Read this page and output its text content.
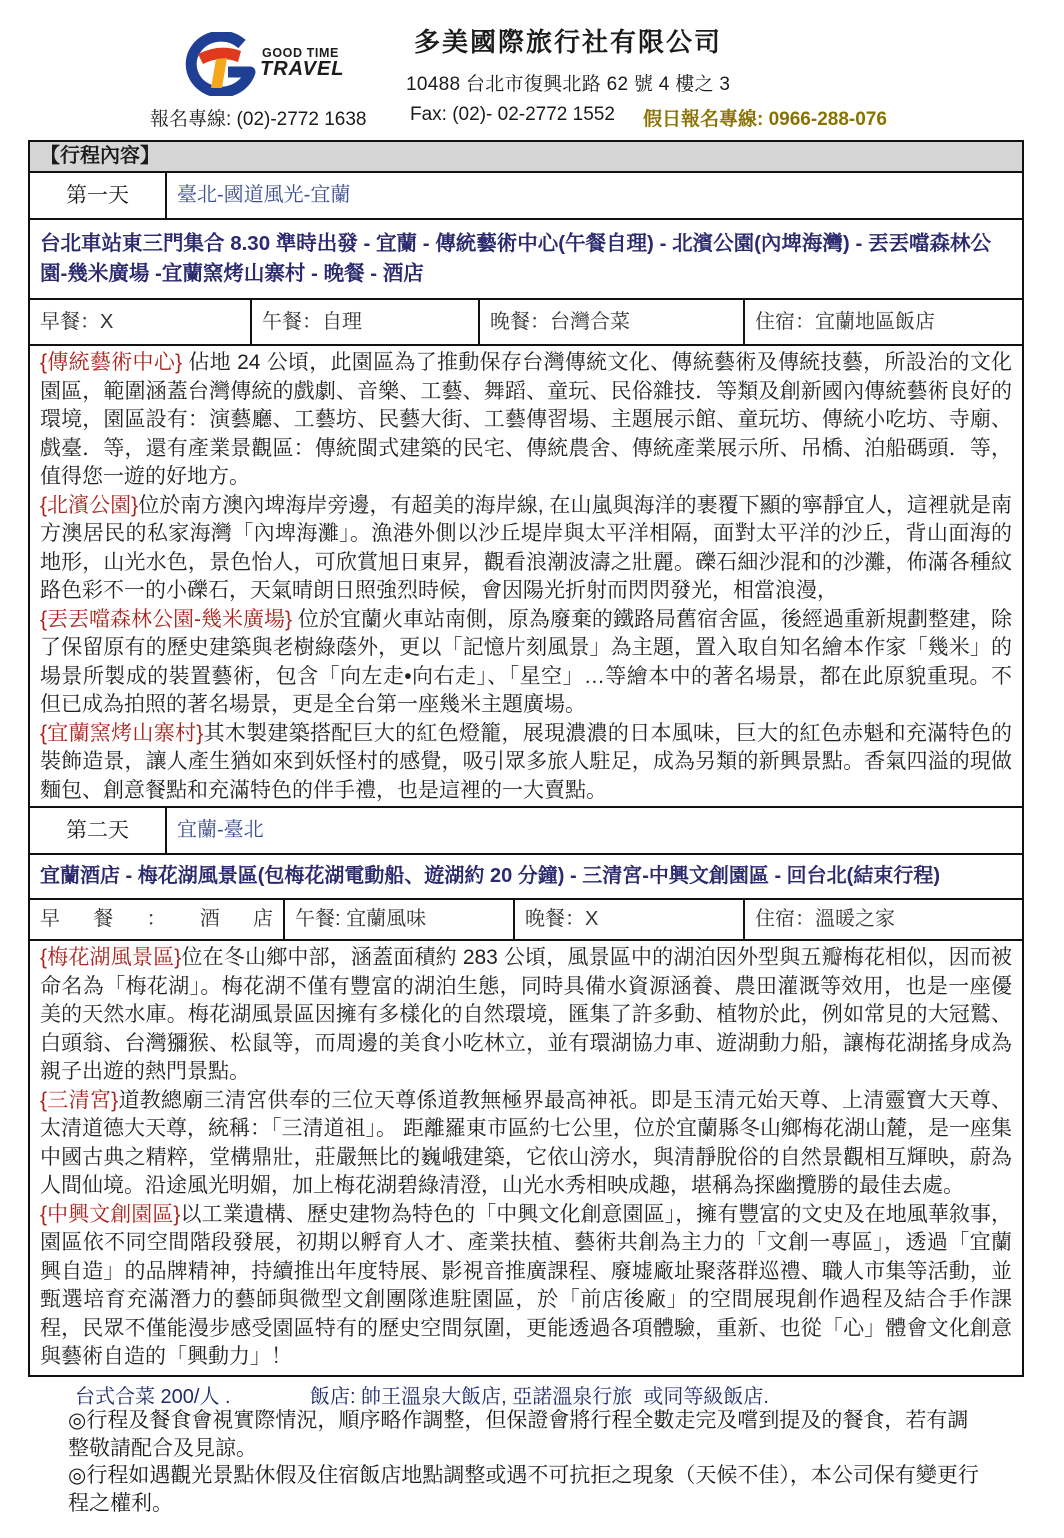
GOOD TIME
TRAVEL
多美國際旅行社有限公司
10488 台北市復興北路 62 號 4 樓之 3
報名專線: (02)-2772 1638 Fax: (02)- 02-2772 1552 假日報名專線: 0966-288-076
【行程內容】
第一天	臺北-國道風光-宜蘭
台北車站東三門集合 8.30 準時出發 - 宜蘭 - 傳統藝術中心(午餐自理) - 北濱公園(內埤海灣) - 丟丟噹森林公園-幾米廣場 -宜蘭窯烤山寨村 - 晚餐 - 酒店
早餐：X	午餐：自理	晚餐：台灣合菜	住宿：宜蘭地區飯店

{傳統藝術中心} 佔地 24 公頃，此園區為了推動保存台灣傳統文化、傳統藝術及傳統技藝，所設治的文化園區，範圍涵蓋台灣傳統的戲劇、音樂、工藝、舞蹈、童玩、民俗雜技．等類及創新國內傳統藝術良好的環境，園區設有：演藝廳、工藝坊、民藝大街、工藝傳習場、主題展示館、童玩坊、傳統小吃坊、寺廟、戲臺．等，還有產業景觀區：傳統閩式建築的民宅、傳統農舍、傳統產業展示所、吊橋、泊船碼頭．等，值得您一遊的好地方。

{北濱公園}位於南方澳內埤海岸旁邊，有超美的海岸線, 在山嵐與海洋的裹覆下顯的寧靜宜人，這裡就是南方澳居民的私家海灣「內埤海灘」。漁港外側以沙丘堤岸與太平洋相隔，面對太平洋的沙丘，背山面海的地形，山光水色，景色怡人，可欣賞旭日東昇，觀看浪潮波濤之壯麗。礫石細沙混和的沙灘，佈滿各種紋路色彩不一的小礫石，天氣晴朗日照強烈時候，會因陽光折射而閃閃發光，相當浪漫，

{丟丟噹森林公園-幾米廣場} 位於宜蘭火車站南側，原為廢棄的鐵路局舊宿舍區，後經過重新規劃整建，除了保留原有的歷史建築與老樹綠蔭外，更以「記憶片刻風景」為主題，置入取自知名繪本作家「幾米」的場景所製成的裝置藝術，包含「向左走•向右走」、「星空」…等繪本中的著名場景，都在此原貌重現。不但已成為拍照的著名場景，更是全台第一座幾米主題廣場。

{宜蘭窯烤山寨村}其木製建築搭配巨大的紅色燈籠，展現濃濃的日本風味，巨大的紅色赤魁和充滿特色的裝飾造景，讓人產生猶如來到妖怪村的感覺，吸引眾多旅人駐足，成為另類的新興景點。香氣四溢的現做麵包、創意餐點和充滿特色的伴手禮，也是這裡的一大賣點。

第二天	宜蘭-臺北
宜蘭酒店 - 梅花湖風景區(包梅花湖電動船、遊湖約 20 分鐘) - 三清宮-中興文創園區 - 回台北(結束行程)
早 餐 ： 酒 店	午餐: 宜蘭風味	晚餐：X	住宿：溫暖之家

{梅花湖風景區}位在冬山鄉中部，涵蓋面積約 283 公頃，風景區中的湖泊因外型與五瓣梅花相似，因而被命名為「梅花湖」。梅花湖不僅有豐富的湖泊生態，同時具備水資源涵養、農田灌溉等效用，也是一座優美的天然水庫。梅花湖風景區因擁有多樣化的自然環境，匯集了許多動、植物於此，例如常見的大冠鷲、白頭翁、台灣獼猴、松鼠等，而周邊的美食小吃林立，並有環湖協力車、遊湖動力船，讓梅花湖搖身成為親子出遊的熱門景點。

{三清宮}道教總廟三清宮供奉的三位天尊係道教無極界最高神祇。即是玉清元始天尊、上清靈寶大天尊、太清道德大天尊，統稱：「三清道祖」。 距離羅東市區約七公里，位於宜蘭縣冬山鄉梅花湖山麓，是一座集中國古典之精粹，堂構鼎壯，莊嚴無比的巍峨建築，它依山滂水，與清靜脫俗的自然景觀相互輝映，蔚為人間仙境。沿途風光明媚，加上梅花湖碧綠清澄，山光水秀相映成趣，堪稱為探幽攬勝的最佳去處。

{中興文創園區}以工業遺構、歷史建物為特色的「中興文化創意園區」，擁有豐富的文史及在地風華敘事，園區依不同空間階段發展，初期以孵育人才、產業扶植、藝術共創為主力的「文創一專區」，透過「宜蘭興自造」的品牌精神，持續推出年度特展、影視音推廣課程、廢墟廠址聚落群巡禮、職人市集等活動，並甄選培育充滿潛力的藝師與微型文創團隊進駐園區，於「前店後廠」的空間展現創作過程及結合手作課程，民眾不僅能漫步感受園區特有的歷史空間氛圍，更能透過各項體驗，重新、也從「心」體會文化創意與藝術自造的「興動力」！

台式合菜 200/人 .	飯店: 帥王溫泉大飯店, 亞諾溫泉行旅  或同等級飯店.

◎行程及餐食會視實際情況，順序略作調整，但保證會將行程全數走完及嚐到提及的餐食，若有調整敬請配合及見諒。

◎行程如遇觀光景點休假及住宿飯店地點調整或遇不可抗拒之現象（天候不佳），本公司保有變更行程之權利。
